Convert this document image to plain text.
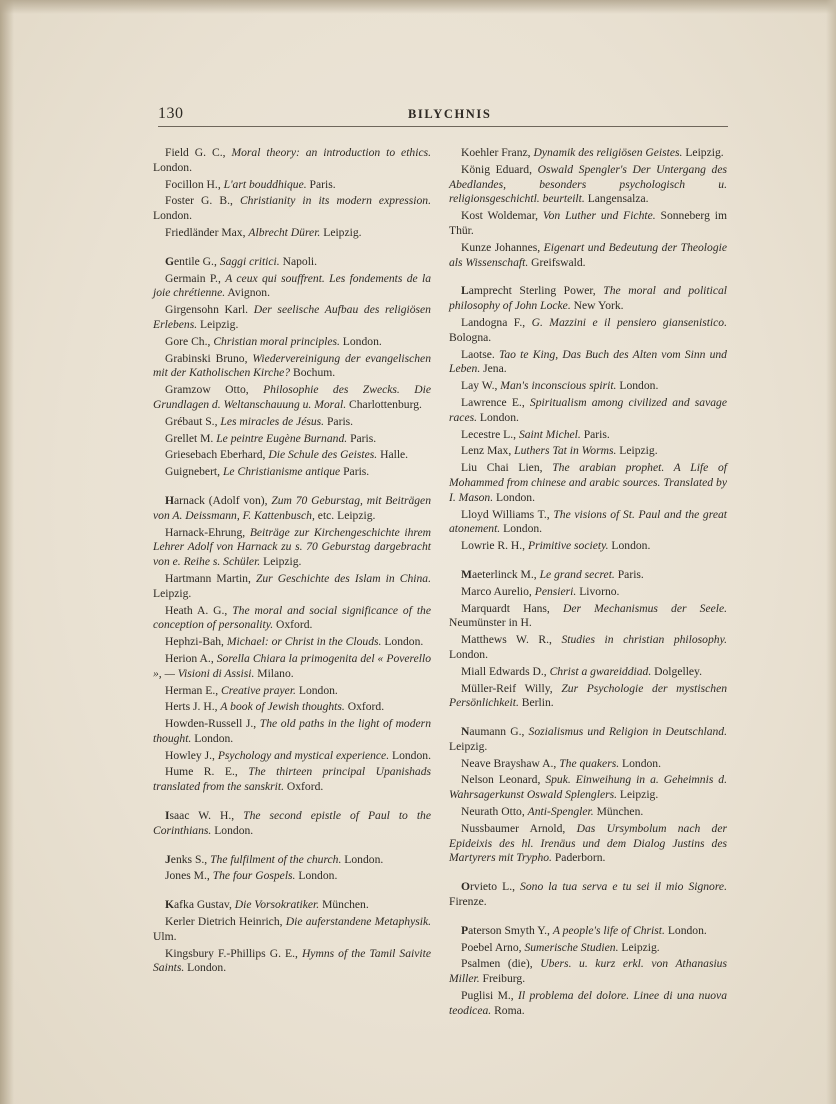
130	BILYCHNIS

Field G. C., Moral theory: an introduction to ethics. London.

Focillon H., L'art bouddhique. Paris.

Foster G. B., Christianity in its modern expression. London.

Friedländer Max, Albrecht Dürer. Leipzig.

Gentile G., Saggi critici. Napoli.

Germain P., A ceux qui souffrent. Les fondements de la joie chrétienne. Avignon.

Girgensohn Karl. Der seelische Aufbau des religiösen Erlebens. Leipzig.

Gore Ch., Christian moral principles. London.

Grabinski Bruno, Wiedervereinigung der evangelischen mit der Katholischen Kirche? Bochum.

Gramzow Otto, Philosophie des Zwecks. Die Grundlagen d. Weltanschauung u. Moral. Charlottenburg.

Grébaut S., Les miracles de Jésus. Paris.

Grellet M. Le peintre Eugène Burnand. Paris.

Griesebach Eberhard, Die Schule des Geistes. Halle.

Guignebert, Le Christianisme antique Paris.

Harnack (Adolf von), Zum 70 Geburstag, mit Beiträgen von A. Deissmann, F. Kattenbusch, etc. Leipzig.

Harnack-Ehrung, Beiträge zur Kirchengeschichte ihrem Lehrer Adolf von Harnack zu s. 70 Geburstag dargebracht von e. Reihe s. Schüler. Leipzig.

Hartmann Martin, Zur Geschichte des Islam in China. Leipzig.

Heath A. G., The moral and social significance of the conception of personality. Oxford.

Hephzi-Bah, Michael: or Christ in the Clouds. London.

Herion A., Sorella Chiara la primogenita del « Poverello », — Visioni di Assisi. Milano.

Herman E., Creative prayer. London.

Herts J. H., A book of Jewish thoughts. Oxford.

Howden-Russell J., The old paths in the light of modern thought. London.

Howley J., Psychology and mystical experience. London.

Hume R. E., The thirteen principal Upanishads translated from the sanskrit. Oxford.

Isaac W. H., The second epistle of Paul to the Corinthians. London.

Jenks S., The fulfilment of the church. London.

Jones M., The four Gospels. London.

Kafka Gustav, Die Vorsokratiker. München.

Kerler Dietrich Heinrich, Die auferstandene Metaphysik. Ulm.

Kingsbury F.-Phillips G. E., Hymns of the Tamil Saivite Saints. London.

Koehler Franz, Dynamik des religiösen Geistes. Leipzig.

König Eduard, Oswald Spengler's Der Untergang des Abedlandes, besonders psychologisch u. religionsgeschichtl. beurteilt. Langensalza.

Kost Woldemar, Von Luther und Fichte. Sonneberg im Thür.

Kunze Johannes, Eigenart und Bedeutung der Theologie als Wissenschaft. Greifswald.

Lamprecht Sterling Power, The moral and political philosophy of John Locke. New York.

Landogna F., G. Mazzini e il pensiero giansenistico. Bologna.

Laotse. Tao te King, Das Buch des Alten vom Sinn und Leben. Jena.

Lay W., Man's inconscious spirit. London.

Lawrence E., Spiritualism among civilized and savage races. London.

Lecestre L., Saint Michel. Paris.

Lenz Max, Luthers Tat in Worms. Leipzig.

Liu Chai Lien, The arabian prophet. A Life of Mohammed from chinese and arabic sources. Translated by I. Mason. London.

Lloyd Williams T., The visions of St. Paul and the great atonement. London.

Lowrie R. H., Primitive society. London.

Maeterlinck M., Le grand secret. Paris.

Marco Aurelio, Pensieri. Livorno.

Marquardt Hans, Der Mechanismus der Seele. Neumünster in H.

Matthews W. R., Studies in christian philosophy. London.

Miall Edwards D., Christ a gwareiddiad. Dolgelley.

Müller-Reif Willy, Zur Psychologie der mystischen Persönlichkeit. Berlin.

Naumann G., Sozialismus und Religion in Deutschland. Leipzig.

Neave Brayshaw A., The quakers. London.

Nelson Leonard, Spuk. Einweihung in a. Geheimnis d. Wahrsagerkunst Oswald Splenglers. Leipzig.

Neurath Otto, Anti-Spengler. München.

Nussbaumer Arnold, Das Ursymbolum nach der Epideixis des hl. Irenäus und dem Dialog Justins des Martyrers mit Trypho. Paderborn.

Orvieto L., Sono la tua serva e tu sei il mio Signore. Firenze.

Paterson Smyth Y., A people's life of Christ. London.

Poebel Arno, Sumerische Studien. Leipzig.

Psalmen (die), Ubers. u. kurz erkl. von Athanasius Miller. Freiburg.

Puglisi M., Il problema del dolore. Linee di una nuova teodicea. Roma.
